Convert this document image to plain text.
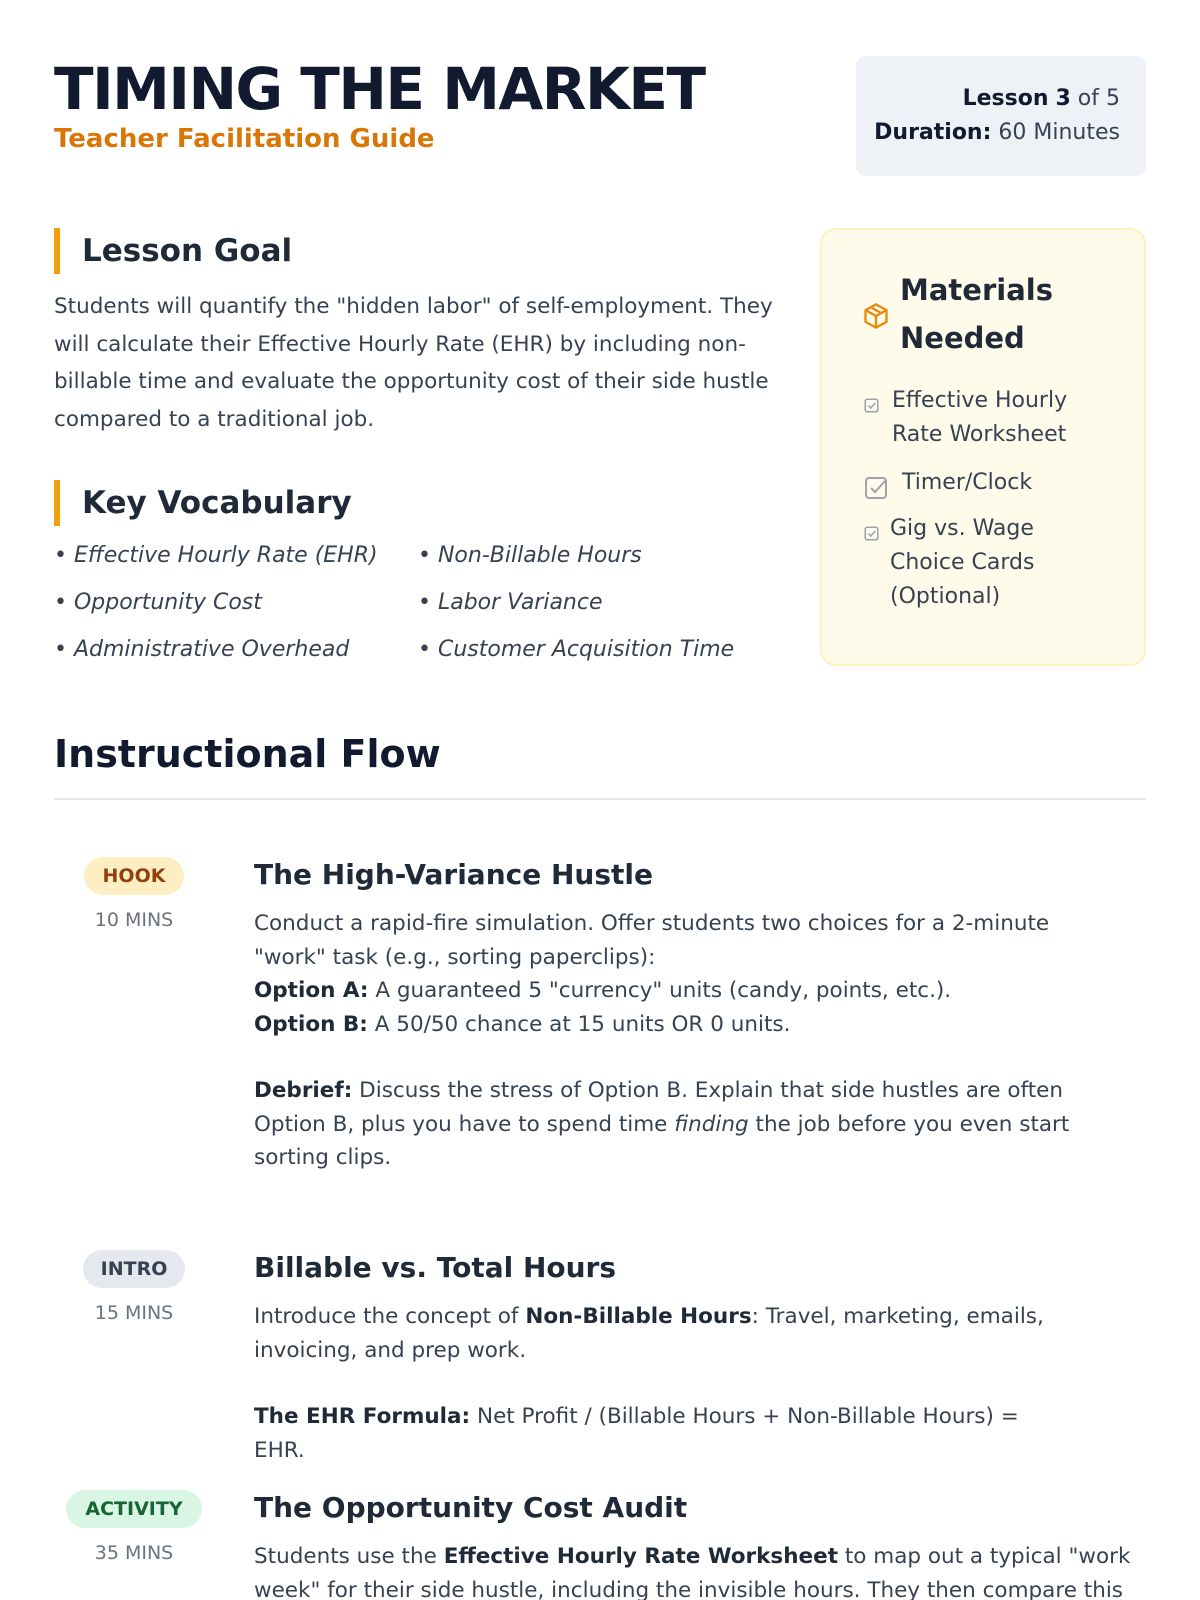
TIMING THE MARKET
Teacher Facilitation Guide
Lesson 3 of 5
Duration: 60 Minutes
Lesson Goal
Students will quantify the "hidden labor" of self-employment. They will calculate their Effective Hourly Rate (EHR) by including non-billable time and evaluate the opportunity cost of their side hustle compared to a traditional job.
Key Vocabulary
• Effective Hourly Rate (EHR)
• Opportunity Cost
• Administrative Overhead
• Non-Billable Hours
• Labor Variance
• Customer Acquisition Time
Materials Needed
Effective Hourly Rate Worksheet
Timer/Clock
Gig vs. Wage Choice Cards (Optional)
Instructional Flow
HOOK
10 MINS
The High-Variance Hustle
Conduct a rapid-fire simulation. Offer students two choices for a 2-minute "work" task (e.g., sorting paperclips):
Option A: A guaranteed 5 "currency" units (candy, points, etc.).
Option B: A 50/50 chance at 15 units OR 0 units.
Debrief: Discuss the stress of Option B. Explain that side hustles are often Option B, plus you have to spend time finding the job before you even start sorting clips.
INTRO
15 MINS
Billable vs. Total Hours
Introduce the concept of Non-Billable Hours: Travel, marketing, emails, invoicing, and prep work.
The EHR Formula: Net Profit / (Billable Hours + Non-Billable Hours) = EHR.
ACTIVITY
35 MINS
The Opportunity Cost Audit
Students use the Effective Hourly Rate Worksheet to map out a typical "work week" for their side hustle, including the invisible hours. They then compare this
